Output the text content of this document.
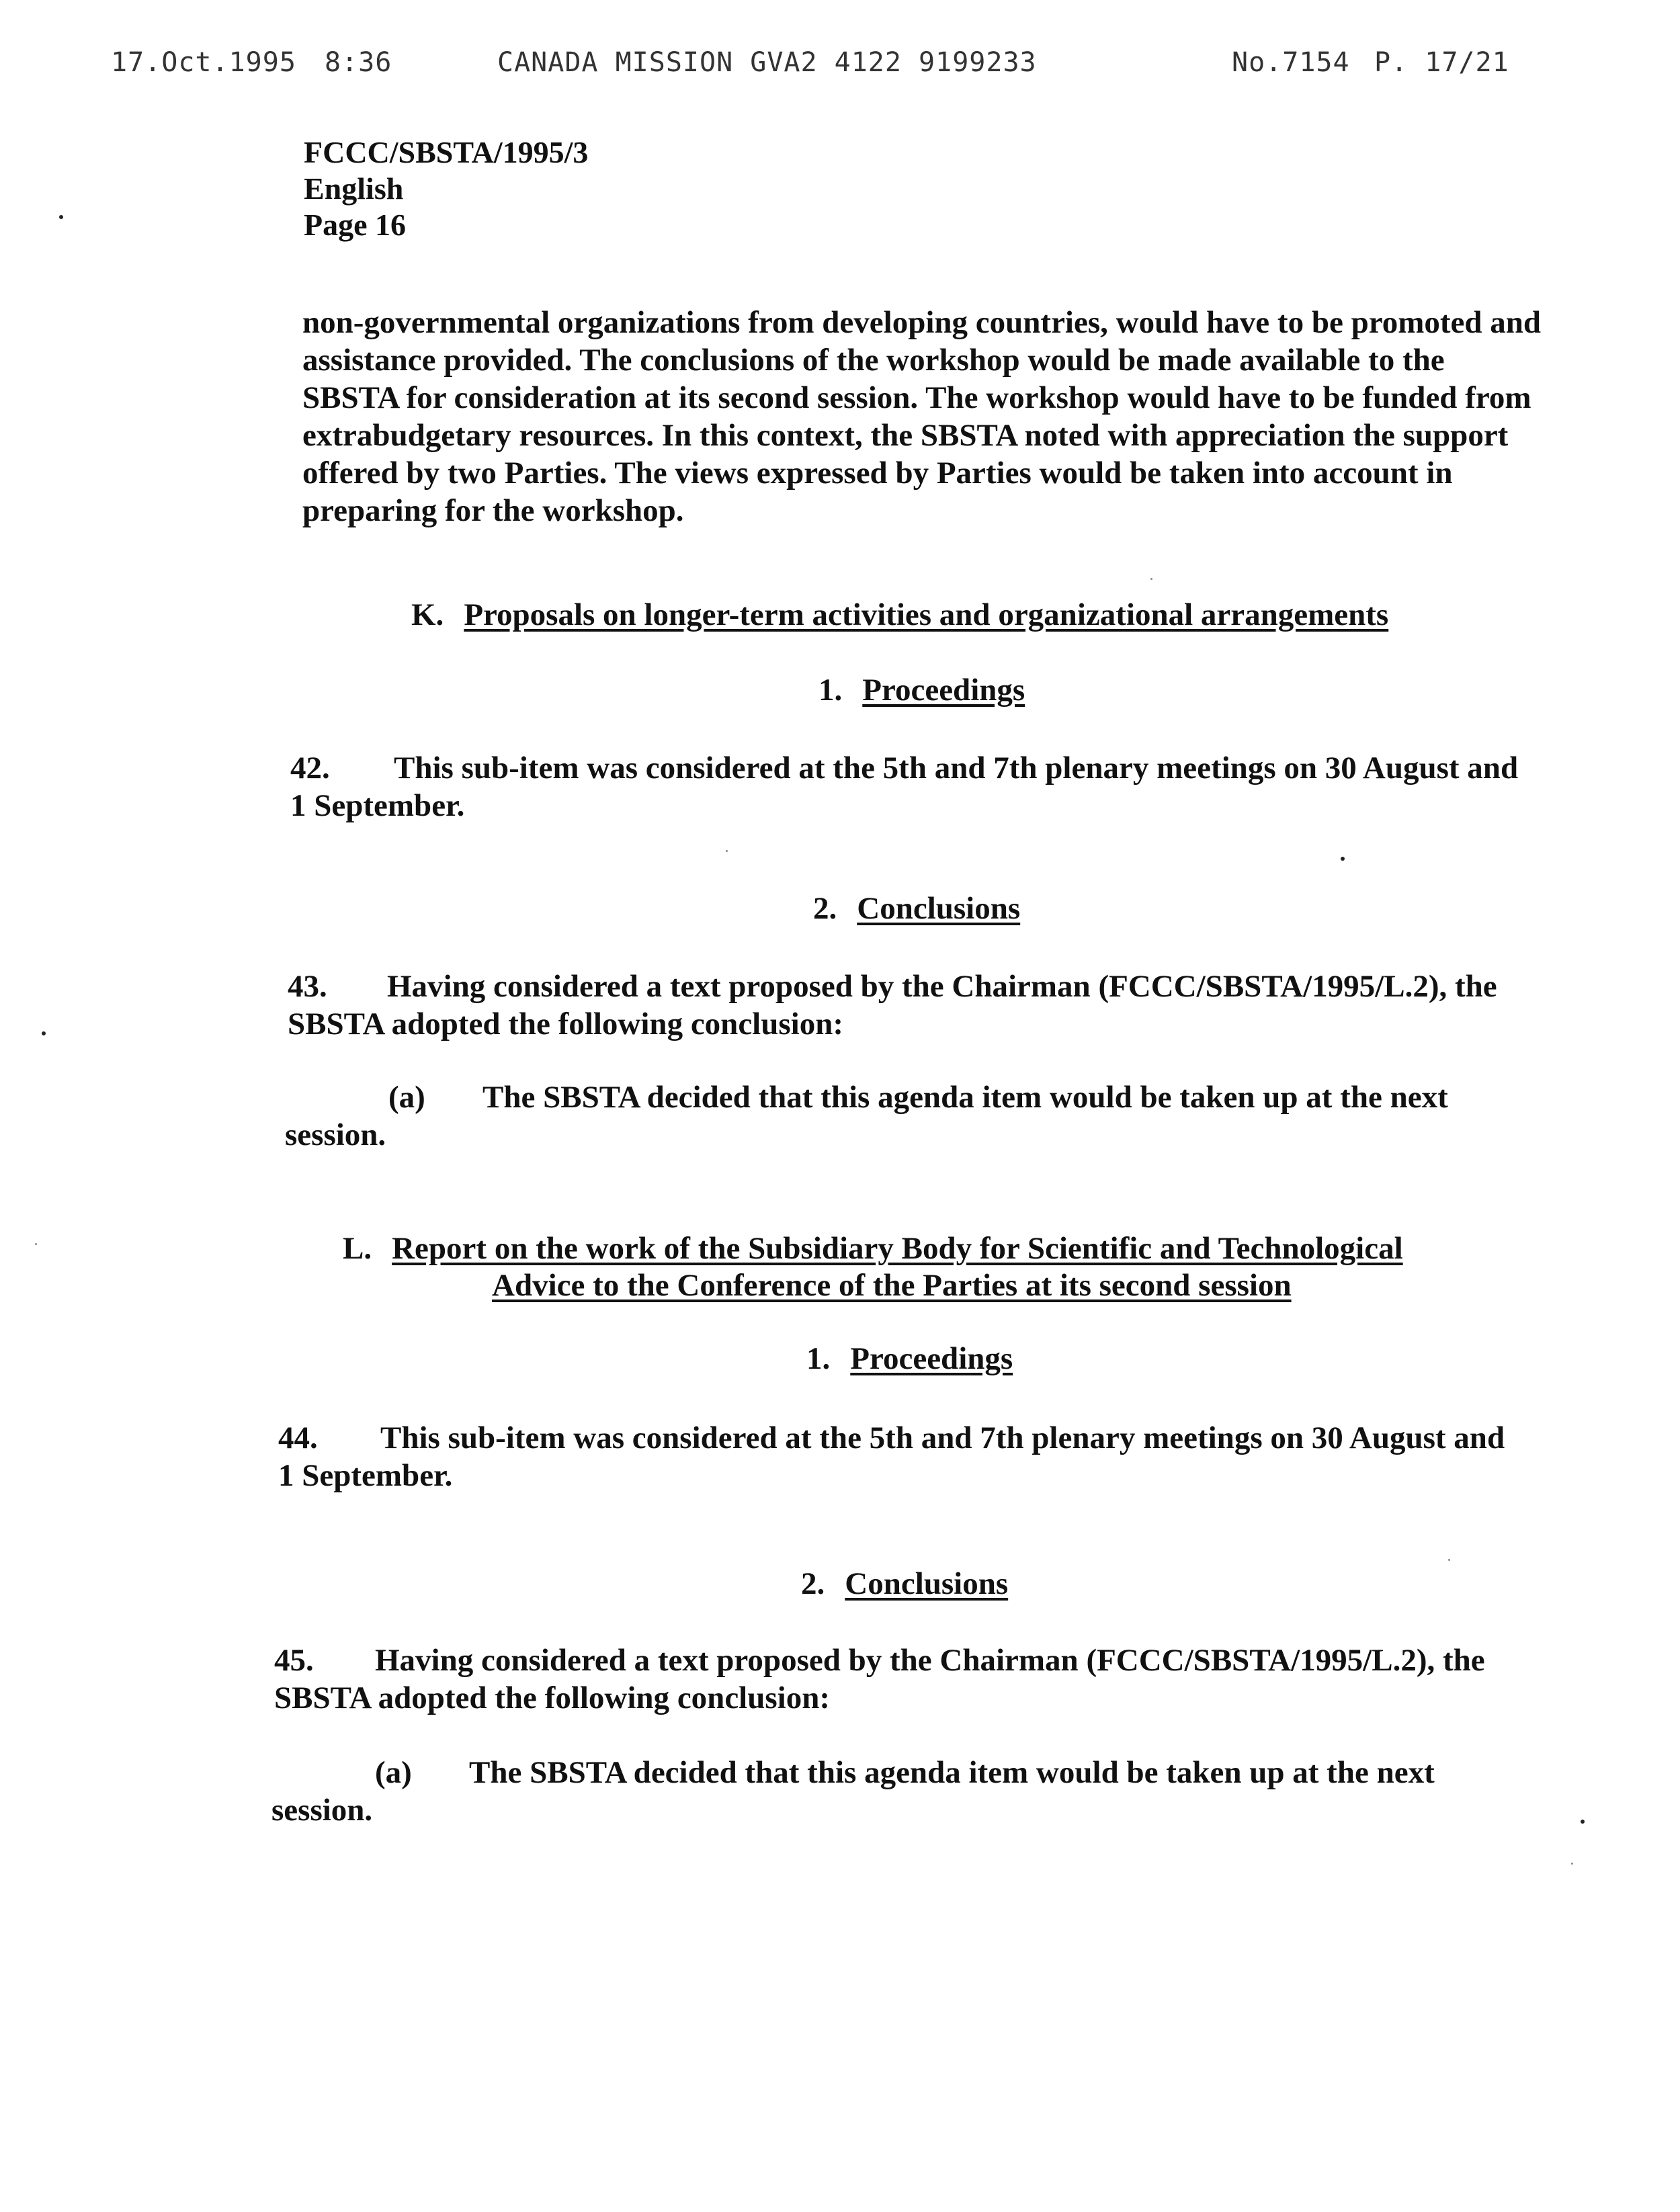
17.Oct.1995 8:36	CANADA MISSION GVA2 4122 9199233	No.7154 P. 17/21
FCCC/SBSTA/1995/3
English
Page 16
non-governmental organizations from developing countries, would have to be promoted and
assistance provided. The conclusions of the workshop would be made available to the
SBSTA for consideration at its second session. The workshop would have to be funded from
extrabudgetary resources. In this context, the SBSTA noted with appreciation the support
offered by two Parties. The views expressed by Parties would be taken into account in
preparing for the workshop.
K. Proposals on longer-term activities and organizational arrangements
1. Proceedings
42. This sub-item was considered at the 5th and 7th plenary meetings on 30 August and
1 September.
2. Conclusions
43. Having considered a text proposed by the Chairman (FCCC/SBSTA/1995/L.2), the
SBSTA adopted the following conclusion:
(a) The SBSTA decided that this agenda item would be taken up at the next
session.
L. Report on the work of the Subsidiary Body for Scientific and Technological
Advice to the Conference of the Parties at its second session
1. Proceedings
44. This sub-item was considered at the 5th and 7th plenary meetings on 30 August and
1 September.
2. Conclusions
45. Having considered a text proposed by the Chairman (FCCC/SBSTA/1995/L.2), the
SBSTA adopted the following conclusion:
(a) The SBSTA decided that this agenda item would be taken up at the next
session.
